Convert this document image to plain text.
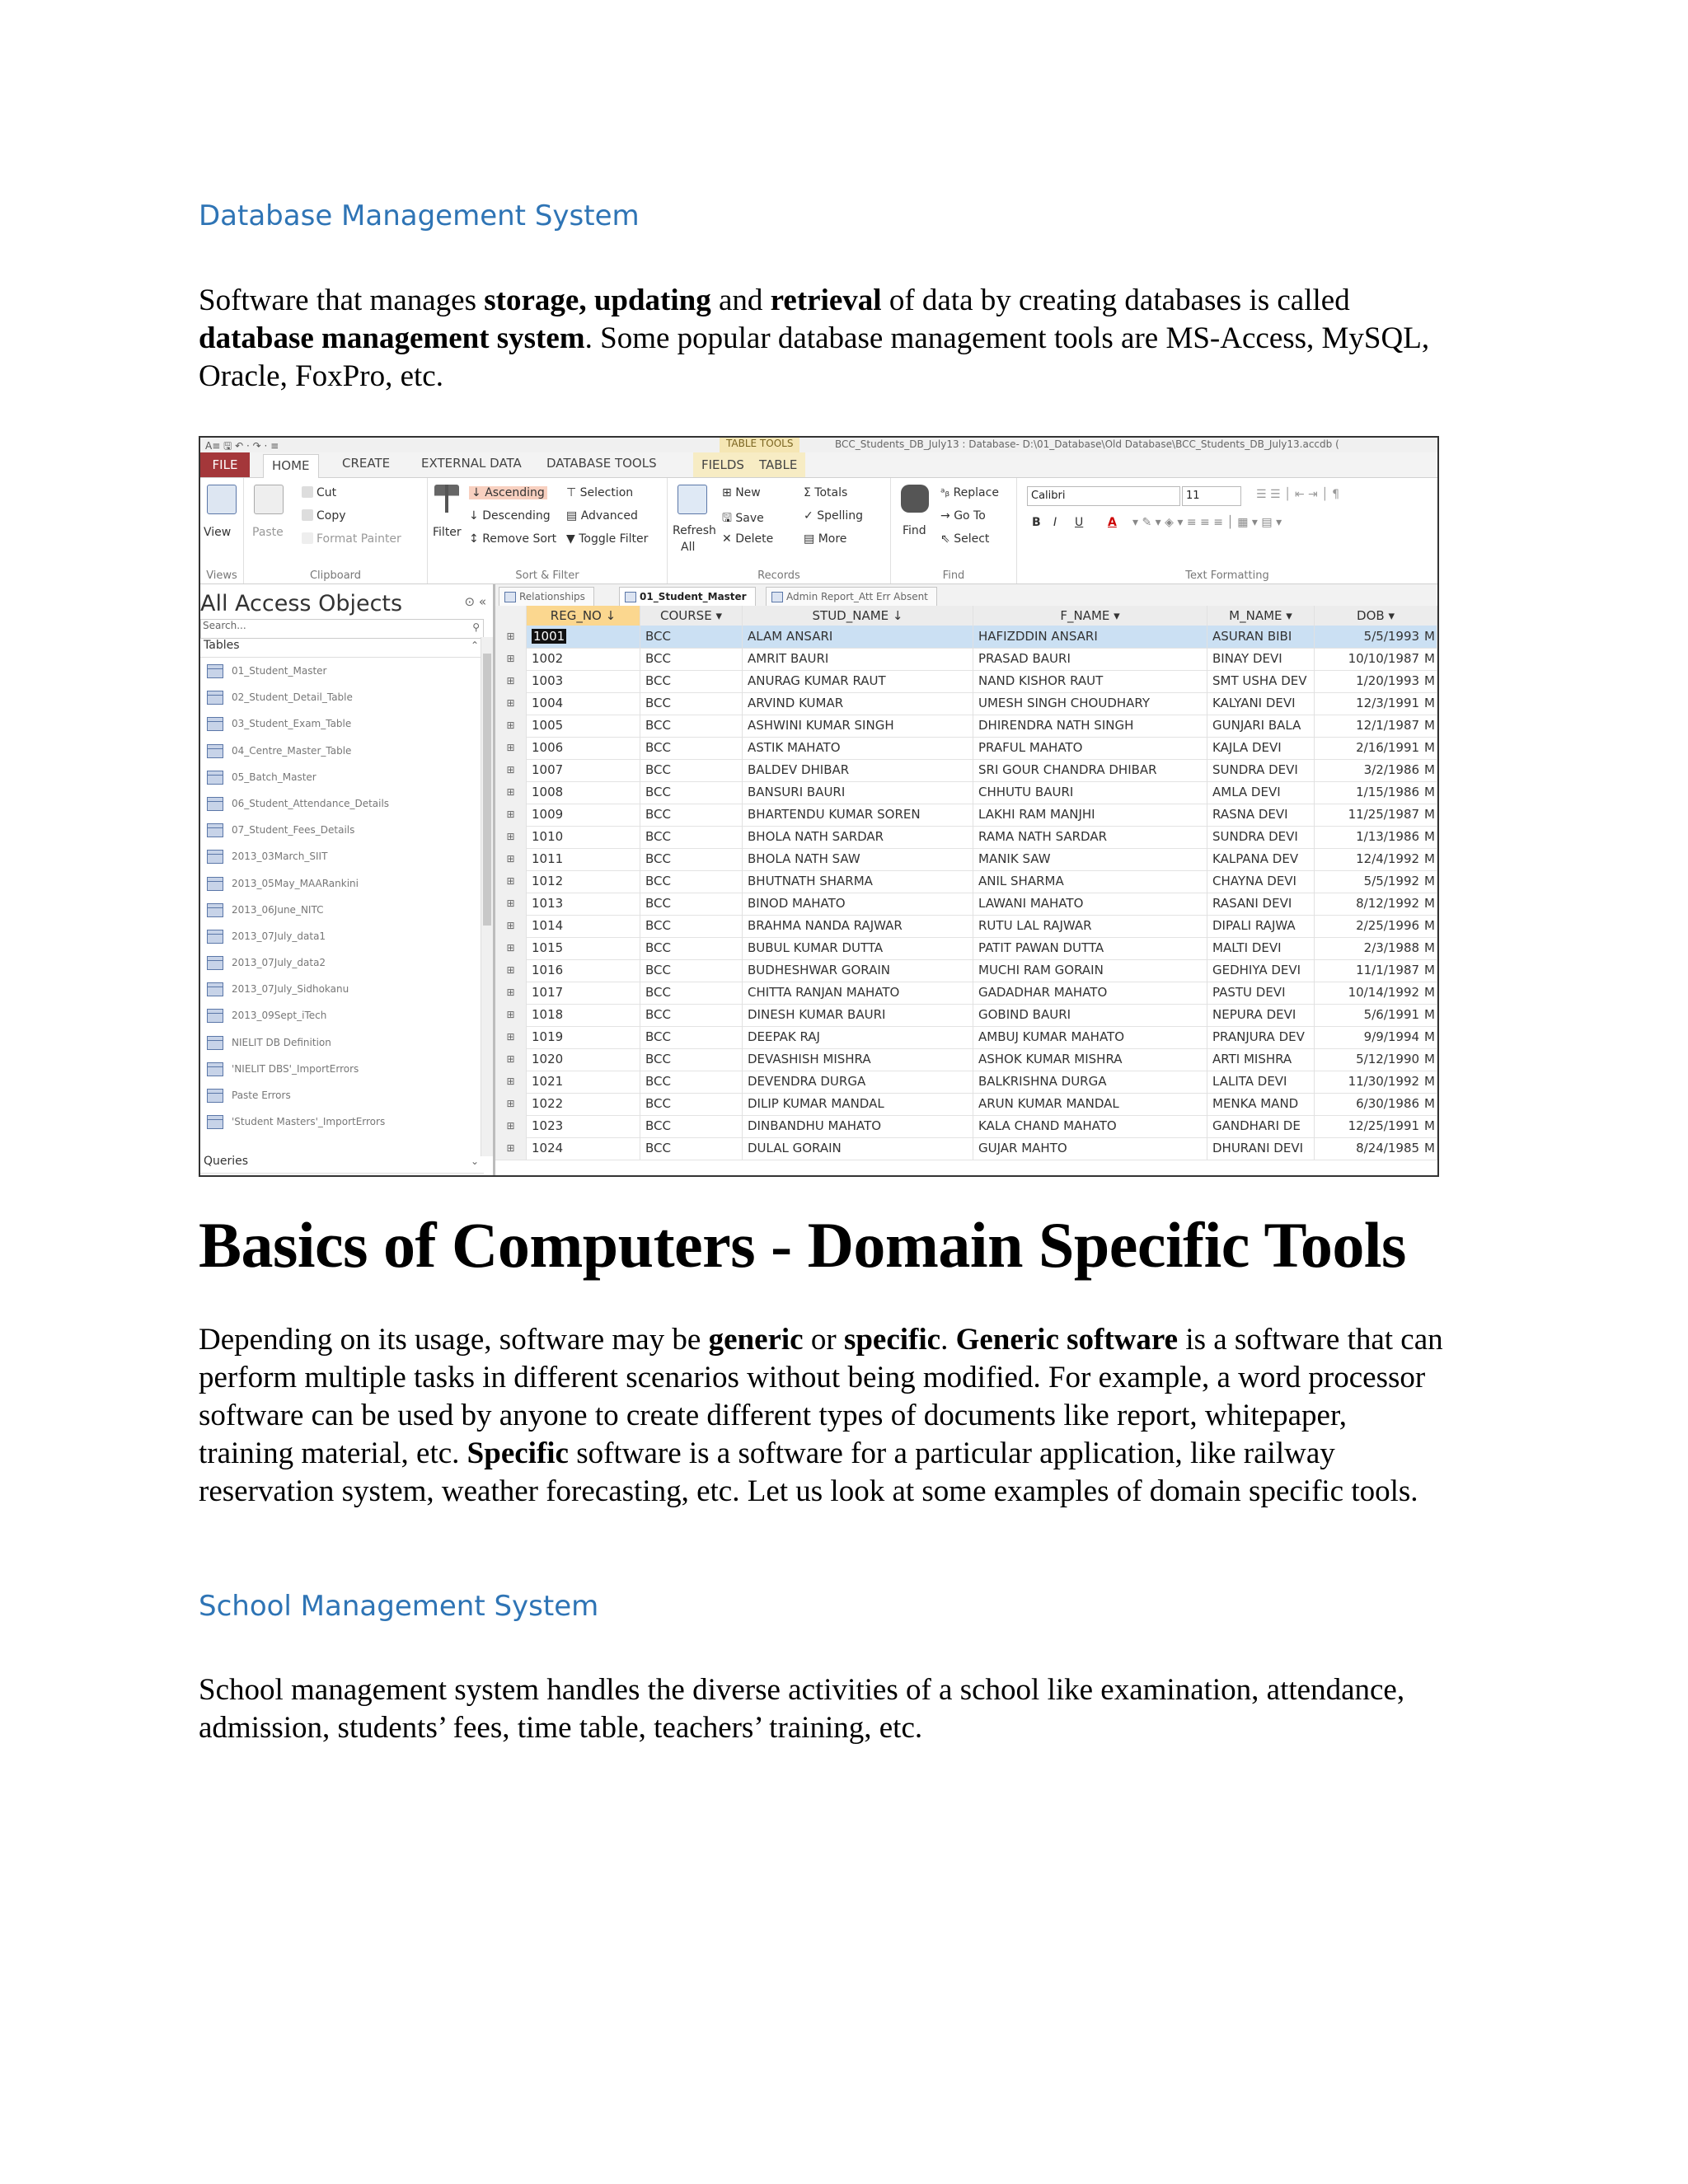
Database Management System

Software that manages storage, updating and retrieval of data by creating databases is called database management system. Some popular database management tools are MS-Access, MySQL, Oracle, FoxPro, etc.

A≡ 🖫 ↶ · ↷ · ≡	TABLE TOOLS	BCC_Students_DB_July13 : Database- D:\01_Database\Old Database\BCC_Students_DB_July13.accdb (
FILE	HOME	CREATE	EXTERNAL DATA DATABASE TOOLS	FIELDS	TABLE
View
Views
Paste
Cut
Copy
Format Painter
Clipboard
Filter
↓ Ascending
↓ Descending
↕ Remove Sort
⊤ Selection
▤ Advanced
▼ Toggle Filter
Sort & Filter
Refresh
All
⊞ New
🖫 Save
✕ Delete
Σ Totals
✓ Spelling
▤ More
Records
Find
ᵃᵦ Replace
→ Go To
⇖ Select
Find
Calibri	11	☰ ☰ │ ⇤ ⇥ │ ¶
B I U A ▾ ✎ ▾ ◈ ▾ ≡ ≡ ≡ │ ▦ ▾ ▤ ▾
Text Formatting
All Access Objects	⊙ «
Search...	⚲
Tables	⌃
01_Student_Master
02_Student_Detail_Table
03_Student_Exam_Table
04_Centre_Master_Table
05_Batch_Master
06_Student_Attendance_Details
07_Student_Fees_Details
2013_03March_SIIT
2013_05May_MAARankini
2013_06June_NITC
2013_07July_data1
2013_07July_data2
2013_07July_Sidhokanu
2013_09Sept_iTech
NIELIT DB Definition
'NIELIT DBS'_ImportErrors
Paste Errors
'Student Masters'_ImportErrors
Queries	⌄
Relationships	01_Student_Master	Admin Report_Att Err Absent
REG_NO ↓	COURSE ▾	STUD_NAME ↓	F_NAME ▾	M_NAME ▾	DOB ▾
⊞	1001	BCC	ALAM ANSARI	HAFIZDDIN ANSARI	ASURAN BIBI	5/5/1993 M
⊞	1002	BCC	AMRIT BAURI	PRASAD BAURI	BINAY DEVI	10/10/1987 M
⊞	1003	BCC	ANURAG KUMAR RAUT	NAND KISHOR RAUT	SMT USHA DEV	1/20/1993 M
⊞	1004	BCC	ARVIND KUMAR	UMESH SINGH CHOUDHARY	KALYANI DEVI	12/3/1991 M
⊞	1005	BCC	ASHWINI KUMAR SINGH	DHIRENDRA NATH SINGH	GUNJARI BALA	12/1/1987 M
⊞	1006	BCC	ASTIK MAHATO	PRAFUL MAHATO	KAJLA DEVI	2/16/1991 M
⊞	1007	BCC	BALDEV DHIBAR	SRI GOUR CHANDRA DHIBAR	SUNDRA DEVI	3/2/1986 M
⊞	1008	BCC	BANSURI BAURI	CHHUTU BAURI	AMLA DEVI	1/15/1986 M
⊞	1009	BCC	BHARTENDU KUMAR SOREN	LAKHI RAM MANJHI	RASNA DEVI	11/25/1987 M
⊞	1010	BCC	BHOLA NATH SARDAR	RAMA NATH SARDAR	SUNDRA DEVI	1/13/1986 M
⊞	1011	BCC	BHOLA NATH SAW	MANIK SAW	KALPANA DEV	12/4/1992 M
⊞	1012	BCC	BHUTNATH SHARMA	ANIL SHARMA	CHAYNA DEVI	5/5/1992 M
⊞	1013	BCC	BINOD MAHATO	LAWANI MAHATO	RASANI DEVI	8/12/1992 M
⊞	1014	BCC	BRAHMA NANDA RAJWAR	RUTU LAL RAJWAR	DIPALI RAJWA	2/25/1996 M
⊞	1015	BCC	BUBUL KUMAR DUTTA	PATIT PAWAN DUTTA	MALTI DEVI	2/3/1988 M
⊞	1016	BCC	BUDHESHWAR GORAIN	MUCHI RAM GORAIN	GEDHIYA DEVI	11/1/1987 M
⊞	1017	BCC	CHITTA RANJAN MAHATO	GADADHAR MAHATO	PASTU DEVI	10/14/1992 M
⊞	1018	BCC	DINESH KUMAR BAURI	GOBIND BAURI	NEPURA DEVI	5/6/1991 M
⊞	1019	BCC	DEEPAK RAJ	AMBUJ KUMAR MAHATO	PRANJURA DEV	9/9/1994 M
⊞	1020	BCC	DEVASHISH MISHRA	ASHOK KUMAR MISHRA	ARTI MISHRA	5/12/1990 M
⊞	1021	BCC	DEVENDRA DURGA	BALKRISHNA DURGA	LALITA DEVI	11/30/1992 M
⊞	1022	BCC	DILIP KUMAR MANDAL	ARUN KUMAR MANDAL	MENKA MAND	6/30/1986 M
⊞	1023	BCC	DINBANDHU MAHATO	KALA CHAND MAHATO	GANDHARI DE	12/25/1991 M
⊞	1024	BCC	DULAL GORAIN	GUJAR MAHTO	DHURANI DEVI	8/24/1985 M
Basics of Computers - Domain Specific Tools

Depending on its usage, software may be generic or specific. Generic software is a software that can perform multiple tasks in different scenarios without being modified. For example, a word processor software can be used by anyone to create different types of documents like report, whitepaper, training material, etc. Specific software is a software for a particular application, like railway reservation system, weather forecasting, etc. Let us look at some examples of domain specific tools.

School Management System

School management system handles the diverse activities of a school like examination, attendance, admission, students’ fees, time table, teachers’ training, etc.
